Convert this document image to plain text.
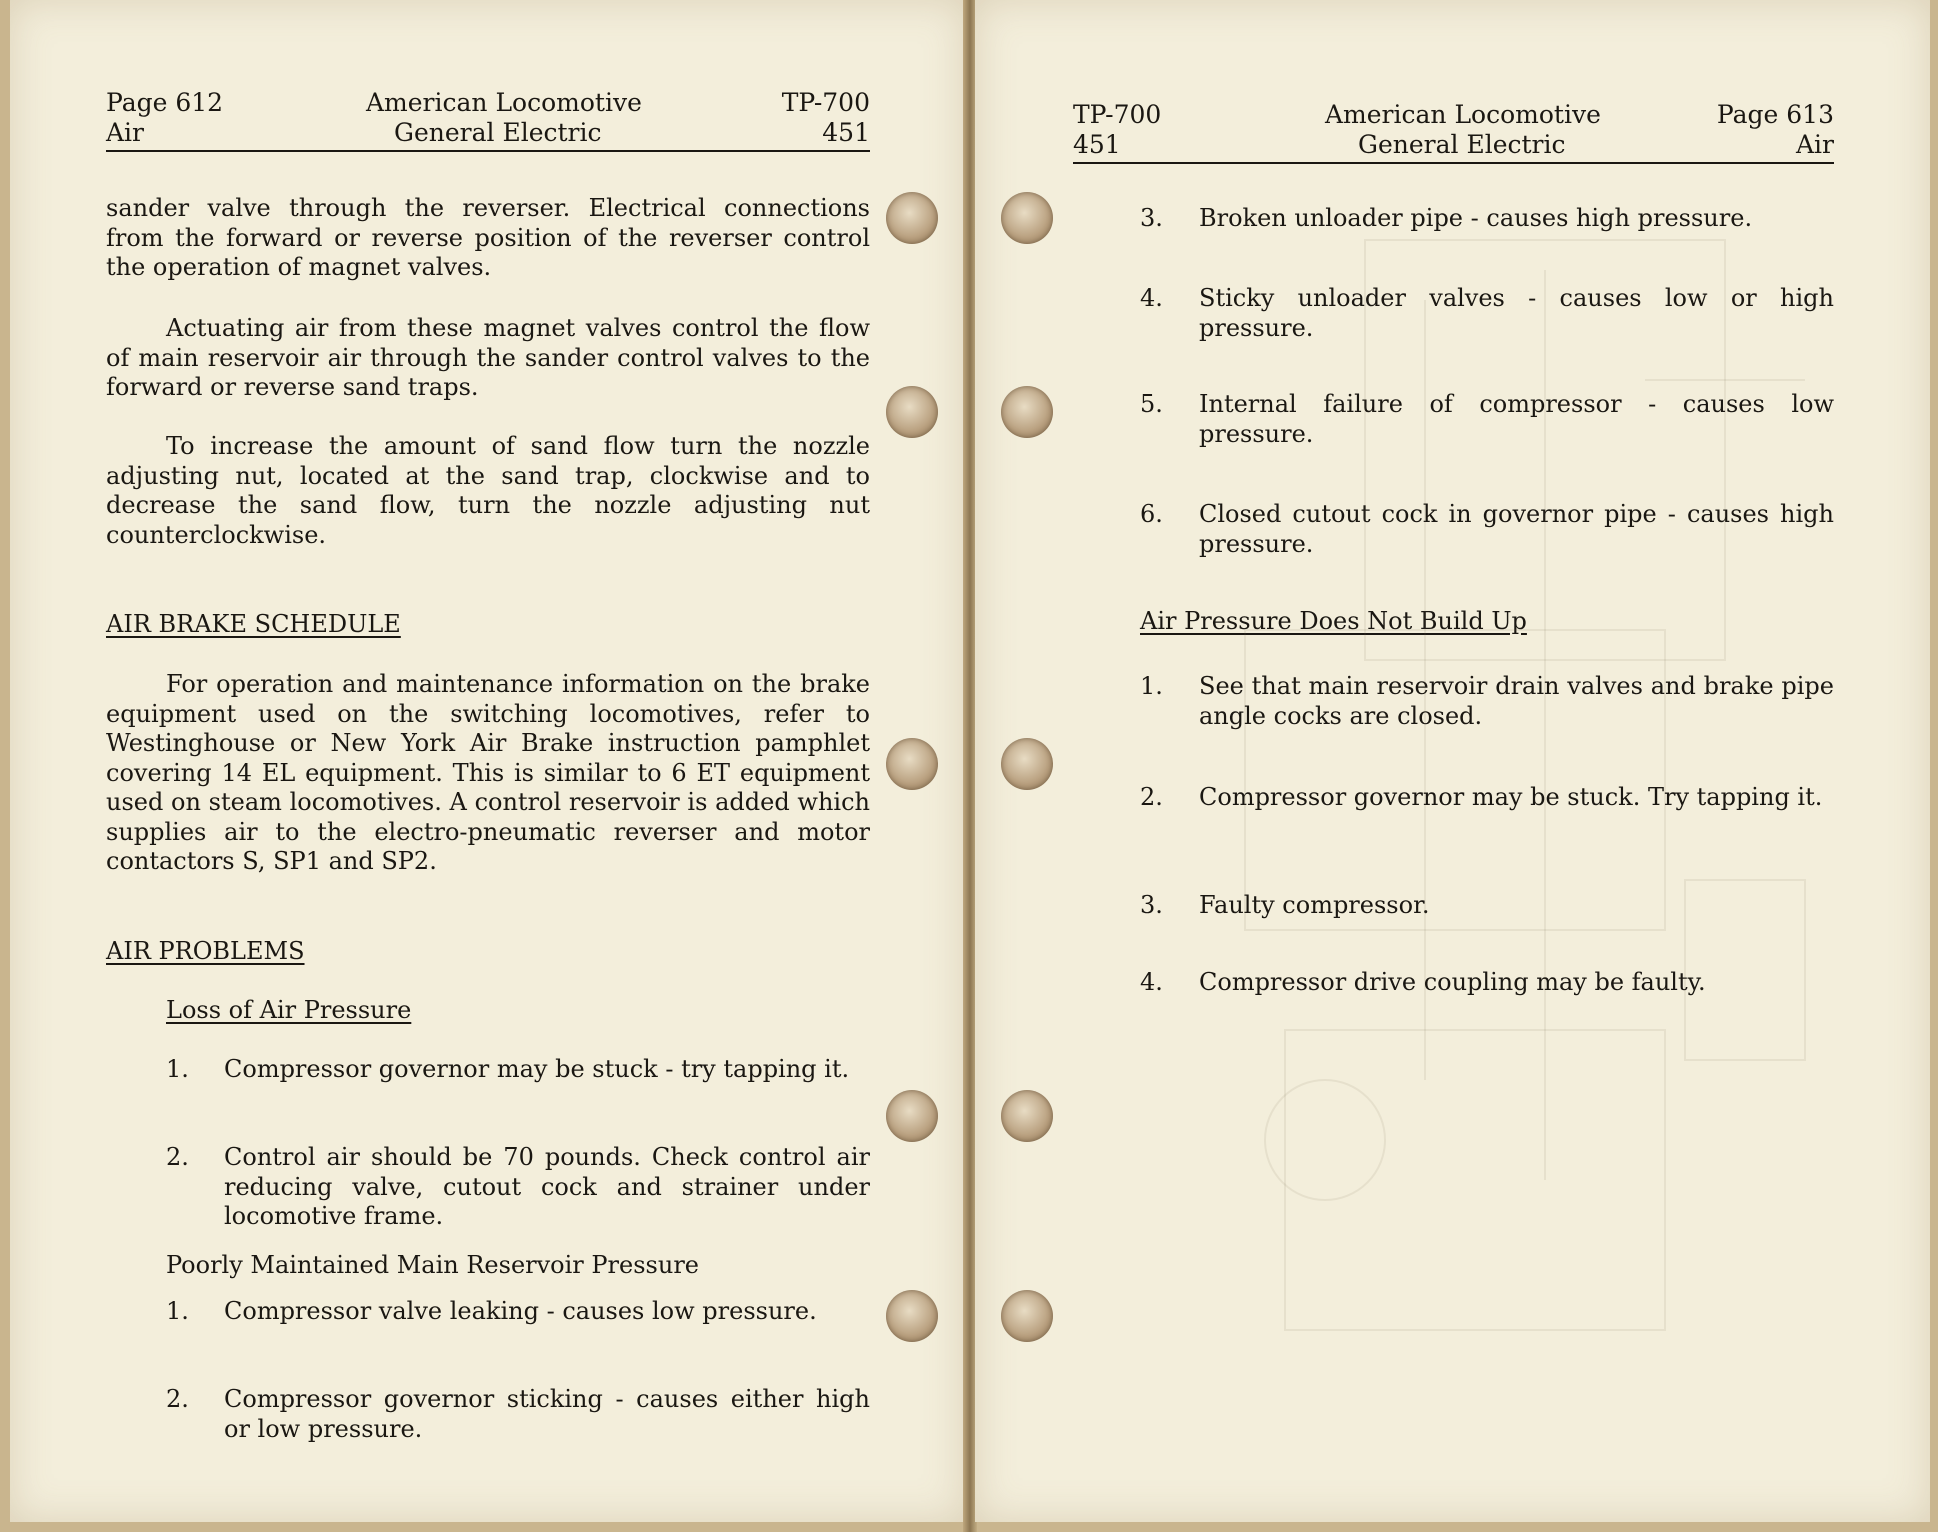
Page 612
Air
American Locomotive
General Electric
TP-700
451
sander valve through the reverser. Electrical connections from the forward or reverse position of the reverser control the operation of magnet valves.
Actuating air from these magnet valves control the flow of main reservoir air through the sander control valves to the forward or reverse sand traps.
To increase the amount of sand flow turn the nozzle adjusting nut, located at the sand trap, clockwise and to decrease the sand flow, turn the nozzle adjusting nut counterclockwise.
AIR BRAKE SCHEDULE
For operation and maintenance information on the brake equipment used on the switching locomotives, refer to Westinghouse or New York Air Brake instruction pamphlet covering 14 EL equipment. This is similar to 6 ET equipment used on steam locomotives. A control reservoir is added which supplies air to the electro-pneumatic reverser and motor contactors S, SP1 and SP2.
AIR PROBLEMS
Loss of Air Pressure
1. Compressor governor may be stuck - try tapping it.
2. Control air should be 70 pounds. Check control air reducing valve, cutout cock and strainer under locomotive frame.
Poorly Maintained Main Reservoir Pressure
1. Compressor valve leaking - causes low pressure.
2. Compressor governor sticking - causes either high or low pressure.
TP-700
451
American Locomotive
General Electric
Page 613
Air
3. Broken unloader pipe - causes high pressure.
4. Sticky unloader valves - causes low or high pressure.
5. Internal failure of compressor - causes low pressure.
6. Closed cutout cock in governor pipe - causes high pressure.
Air Pressure Does Not Build Up
1. See that main reservoir drain valves and brake pipe angle cocks are closed.
2. Compressor governor may be stuck. Try tapping it.
3. Faulty compressor.
4. Compressor drive coupling may be faulty.
